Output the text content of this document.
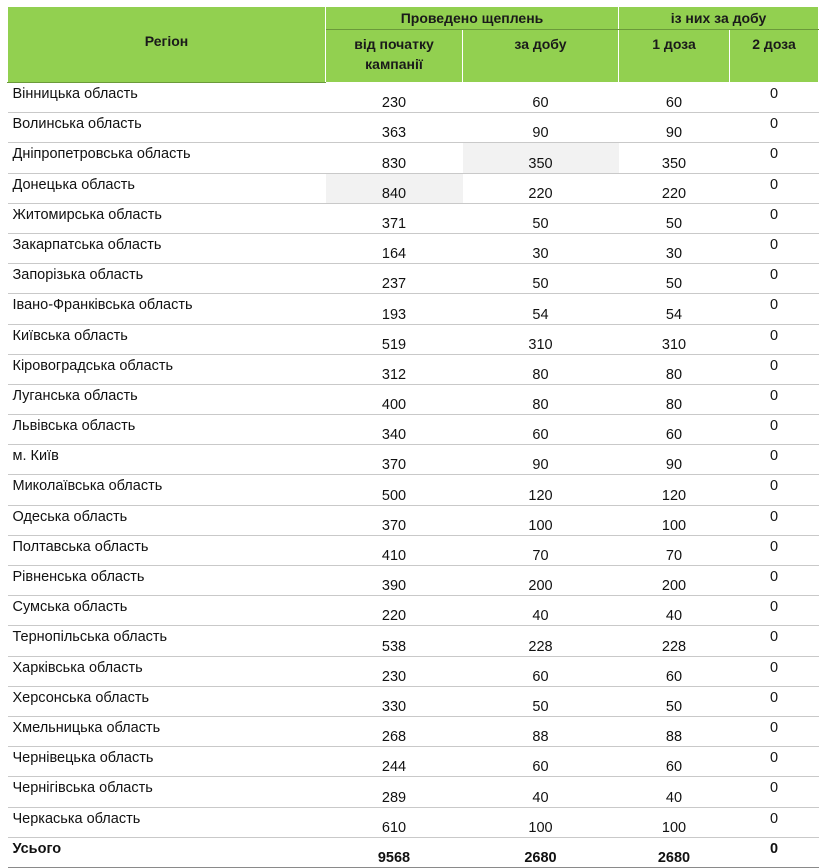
Регіон	Проведено щеплень		із них за добу	
	від початку кампанії	за добу	1 доза	2 доза
Вінницька область	230	60	60	0
Волинська область	363	90	90	0
Дніпропетровська область	830	350	350	0
Донецька область	840	220	220	0
Житомирська область	371	50	50	0
Закарпатська область	164	30	30	0
Запорізька область	237	50	50	0
Івано-Франківська область	193	54	54	0
Київська область	519	310	310	0
Кіровоградська область	312	80	80	0
Луганська область	400	80	80	0
Львівська область	340	60	60	0
м. Київ	370	90	90	0
Миколаївська область	500	120	120	0
Одеська область	370	100	100	0
Полтавська область	410	70	70	0
Рівненська область	390	200	200	0
Сумська область	220	40	40	0
Тернопільська область	538	228	228	0
Харківська область	230	60	60	0
Херсонська область	330	50	50	0
Хмельницька область	268	88	88	0
Чернівецька область	244	60	60	0
Чернігівська область	289	40	40	0
Черкаська область	610	100	100	0
Усього	9568	2680	2680	0
